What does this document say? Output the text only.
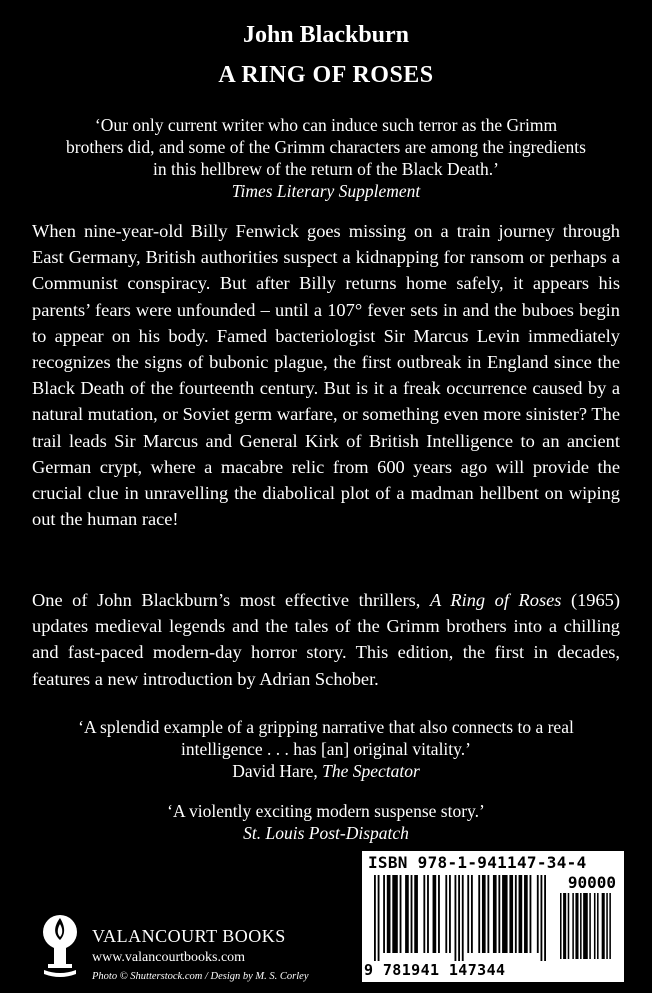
John Blackburn
A RING OF ROSES
‘Our only current writer who can induce such terror as the Grimm
brothers did, and some of the Grimm characters are among the ingredients
in this hellbrew of the return of the Black Death.’
Times Literary Supplement
When nine-year-old Billy Fenwick goes missing on a train journey through East Germany, British authorities suspect a kidnapping for ransom or perhaps a Communist conspiracy. But after Billy returns home safely, it appears his parents’ fears were unfounded – until a 107° fever sets in and the buboes begin to appear on his body. Famed bacteriologist Sir Marcus Levin immediately recognizes the signs of bubonic plague, the first outbreak in England since the Black Death of the fourteenth century. But is it a freak occurrence caused by a natural mutation, or Soviet germ warfare, or something even more sinister? The trail leads Sir Marcus and General Kirk of British Intelligence to an ancient German crypt, where a macabre relic from 600 years ago will provide the crucial clue in unravelling the diabolical plot of a madman hellbent on wiping out the human race!
One of John Blackburn’s most effective thrillers, A Ring of Roses (1965) updates medieval legends and the tales of the Grimm brothers into a chilling and fast-paced modern-day horror story. This edition, the first in decades, features a new introduction by Adrian Schober.
‘A splendid example of a gripping narrative that also connects to a real
intelligence . . . has [an] original vitality.’
David Hare, The Spectator
‘A violently exciting modern suspense story.’
St. Louis Post-Dispatch
VALANCOURT BOOKS
www.valancourtbooks.com
Photo © Shutterstock.com / Design by M. S. Corley
ISBN 978-1-941147-34-4
90000
9 781941 147344
